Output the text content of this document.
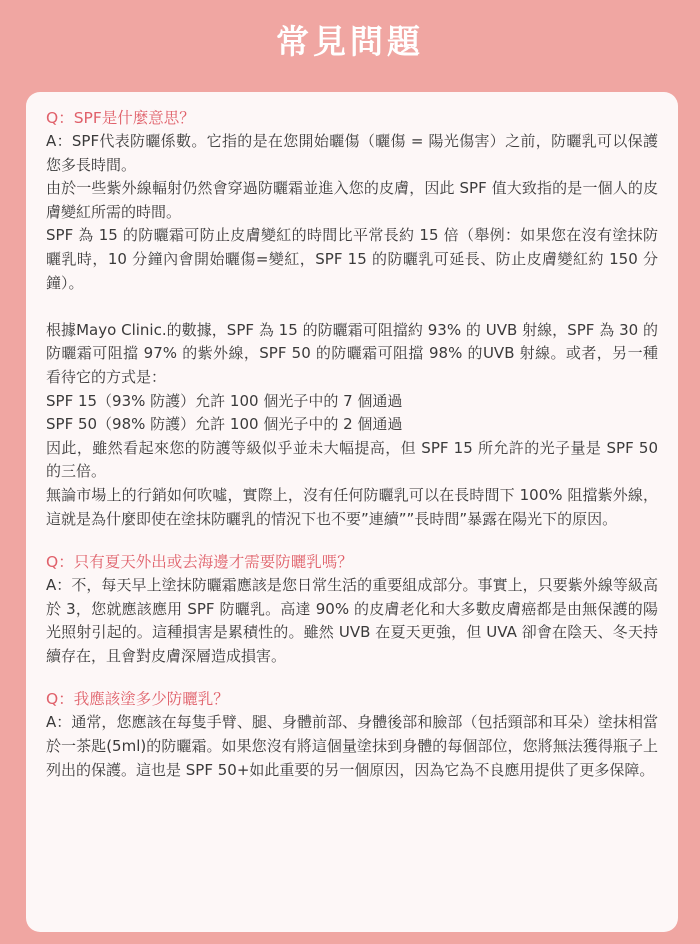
常見問題
Q：SPF是什麼意思？

A：SPF代表防曬係數。它指的是在您開始曬傷（曬傷 = 陽光傷害）之前，防曬乳可以保護您多長時間。

由於一些紫外線輻射仍然會穿過防曬霜並進入您的皮膚，因此 SPF 值大致指的是一個人的皮膚變紅所需的時間。

SPF 為 15 的防曬霜可防止皮膚變紅的時間比平常長約 15 倍（舉例：如果您在沒有塗抹防曬乳時，10 分鐘內會開始曬傷=變紅，SPF 15 的防曬乳可延長、防止皮膚變紅約 150 分鐘）。

根據Mayo Clinic.的數據，SPF 為 15 的防曬霜可阻擋約 93% 的 UVB 射線，SPF 為 30 的防曬霜可阻擋 97% 的紫外線，SPF 50 的防曬霜可阻擋 98% 的UVB 射線。或者，另一種看待它的方式是：

SPF 15（93% 防護）允許 100 個光子中的 7 個通過

SPF 50（98% 防護）允許 100 個光子中的 2 個通過

因此，雖然看起來您的防護等級似乎並未大幅提高，但 SPF 15 所允許的光子量是 SPF 50 的三倍。

無論市場上的行銷如何吹噓，實際上，沒有任何防曬乳可以在長時間下 100% 阻擋紫外線，這就是為什麼即使在塗抹防曬乳的情況下也不要”連續””長時間”暴露在陽光下的原因。

Q：只有夏天外出或去海邊才需要防曬乳嗎？

A：不，每天早上塗抹防曬霜應該是您日常生活的重要組成部分。事實上，只要紫外線等級高於 3，您就應該應用 SPF 防曬乳。高達 90% 的皮膚老化和大多數皮膚癌都是由無保護的陽光照射引起的。這種損害是累積性的。雖然 UVB 在夏天更強，但 UVA 卻會在陰天、冬天持續存在，且會對皮膚深層造成損害。

Q：我應該塗多少防曬乳？

A：通常，您應該在每隻手臂、腿、身體前部、身體後部和臉部（包括頸部和耳朵）塗抹相當於一茶匙(5ml)的防曬霜。如果您沒有將這個量塗抹到身體的每個部位，您將無法獲得瓶子上列出的保護。這也是 SPF 50+如此重要的另一個原因，因為它為不良應用提供了更多保障。
